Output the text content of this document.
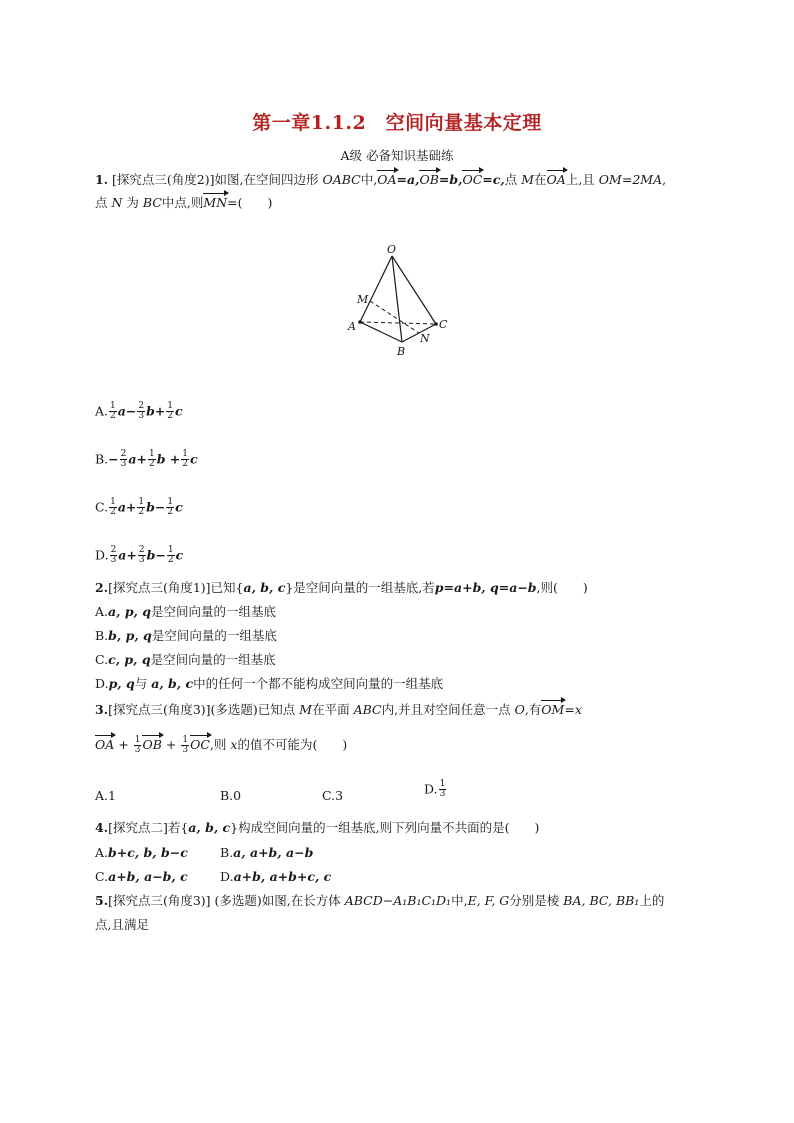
第一章1.1.2　空间向量基本定理
A级 必备知识基础练
1. [探究点三(角度2)]如图,在空间四边形 OABC中,OA=a,OB=b,OC=c,点 M在OA上,且 OM=2MA,
点 N 为 BC中点,则MN=(　　)
O
M
A
B
C
N
A. $\frac{1}{2} a- \frac{2}{3} b+ \frac{1}{2}$ c
$B.- \frac{2}{3} a+ \frac{1}{2}$ $b + \frac{1}{2}$ c
C. $\frac{1}{2} a+ \frac{1}{2} b- \frac{1}{2}$ c
D. $\frac{2}{3} a+ \frac{2}{3} b- \frac{1}{2}$ c
2.[探究点三(角度1)]已知{a, b, c}是空间向量的一组基底,若p=a+b, q=a−b,则(　　)
A.a, p, q是空间向量的一组基底
B.b, p, q是空间向量的一组基底
C.c, p, q是空间向量的一组基底
D.p, q与 a, b, c中的任何一个都不能构成空间向量的一组基底
3.[探究点三(角度3)](多选题)已知点 M在平面 ABC内,并且对空间任意一点 O,有OM=x
OA + $\frac{1}{3}$ OB + $\frac{1}{3}$ OC,则 x的值不可能为(　　)
A.1	B.0	C.3	D. $\frac{1}{3}$
4.[探究点二]若{a, b, c}构成空间向量的一组基底,则下列向量不共面的是(　　)
A.b+c, b, b−c	B.a, a+b, a−b
C.a+b, a−b, c	D.a+b, a+b+c, c
5.[探究点三(角度3)] (多选题)如图,在长方体 ABCD−A₁B₁C₁D₁中,E, F, G分别是棱 BA, BC, BB₁上的
点,且满足
